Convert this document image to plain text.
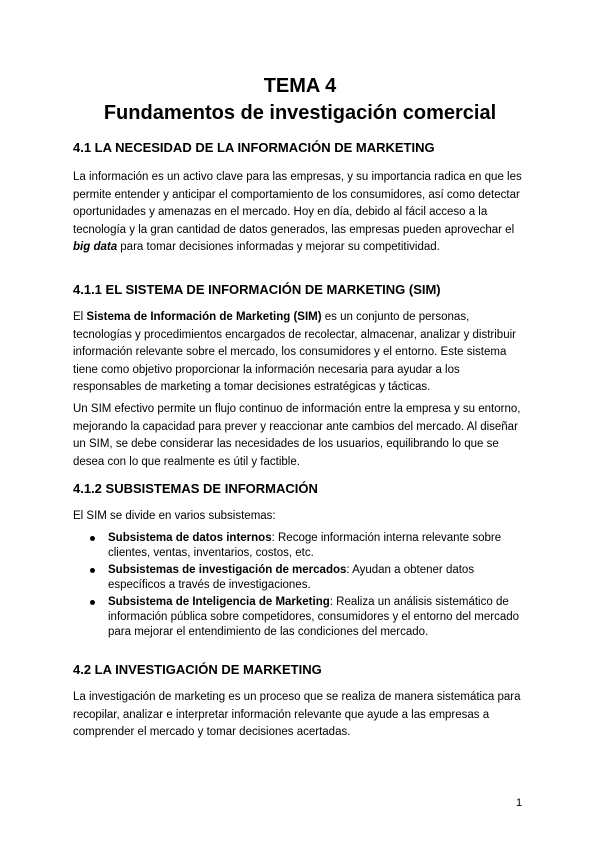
TEMA 4
Fundamentos de investigación comercial
4.1 LA NECESIDAD DE LA INFORMACIÓN DE MARKETING
La información es un activo clave para las empresas, y su importancia radica en que les permite entender y anticipar el comportamiento de los consumidores, así como detectar oportunidades y amenazas en el mercado. Hoy en día, debido al fácil acceso a la tecnología y la gran cantidad de datos generados, las empresas pueden aprovechar el big data para tomar decisiones informadas y mejorar su competitividad.
4.1.1 EL SISTEMA DE INFORMACIÓN DE MARKETING (SIM)
El Sistema de Información de Marketing (SIM) es un conjunto de personas, tecnologías y procedimientos encargados de recolectar, almacenar, analizar y distribuir información relevante sobre el mercado, los consumidores y el entorno. Este sistema tiene como objetivo proporcionar la información necesaria para ayudar a los responsables de marketing a tomar decisiones estratégicas y tácticas.
Un SIM efectivo permite un flujo continuo de información entre la empresa y su entorno, mejorando la capacidad para prever y reaccionar ante cambios del mercado. Al diseñar un SIM, se debe considerar las necesidades de los usuarios, equilibrando lo que se desea con lo que realmente es útil y factible.
4.1.2 SUBSISTEMAS DE INFORMACIÓN
El SIM se divide en varios subsistemas:
Subsistema de datos internos: Recoge información interna relevante sobre clientes, ventas, inventarios, costos, etc.
Subsistemas de investigación de mercados: Ayudan a obtener datos específicos a través de investigaciones.
Subsistema de Inteligencia de Marketing: Realiza un análisis sistemático de información pública sobre competidores, consumidores y el entorno del mercado para mejorar el entendimiento de las condiciones del mercado.
4.2 LA INVESTIGACIÓN DE MARKETING
La investigación de marketing es un proceso que se realiza de manera sistemática para recopilar, analizar e interpretar información relevante que ayude a las empresas a comprender el mercado y tomar decisiones acertadas.
1
